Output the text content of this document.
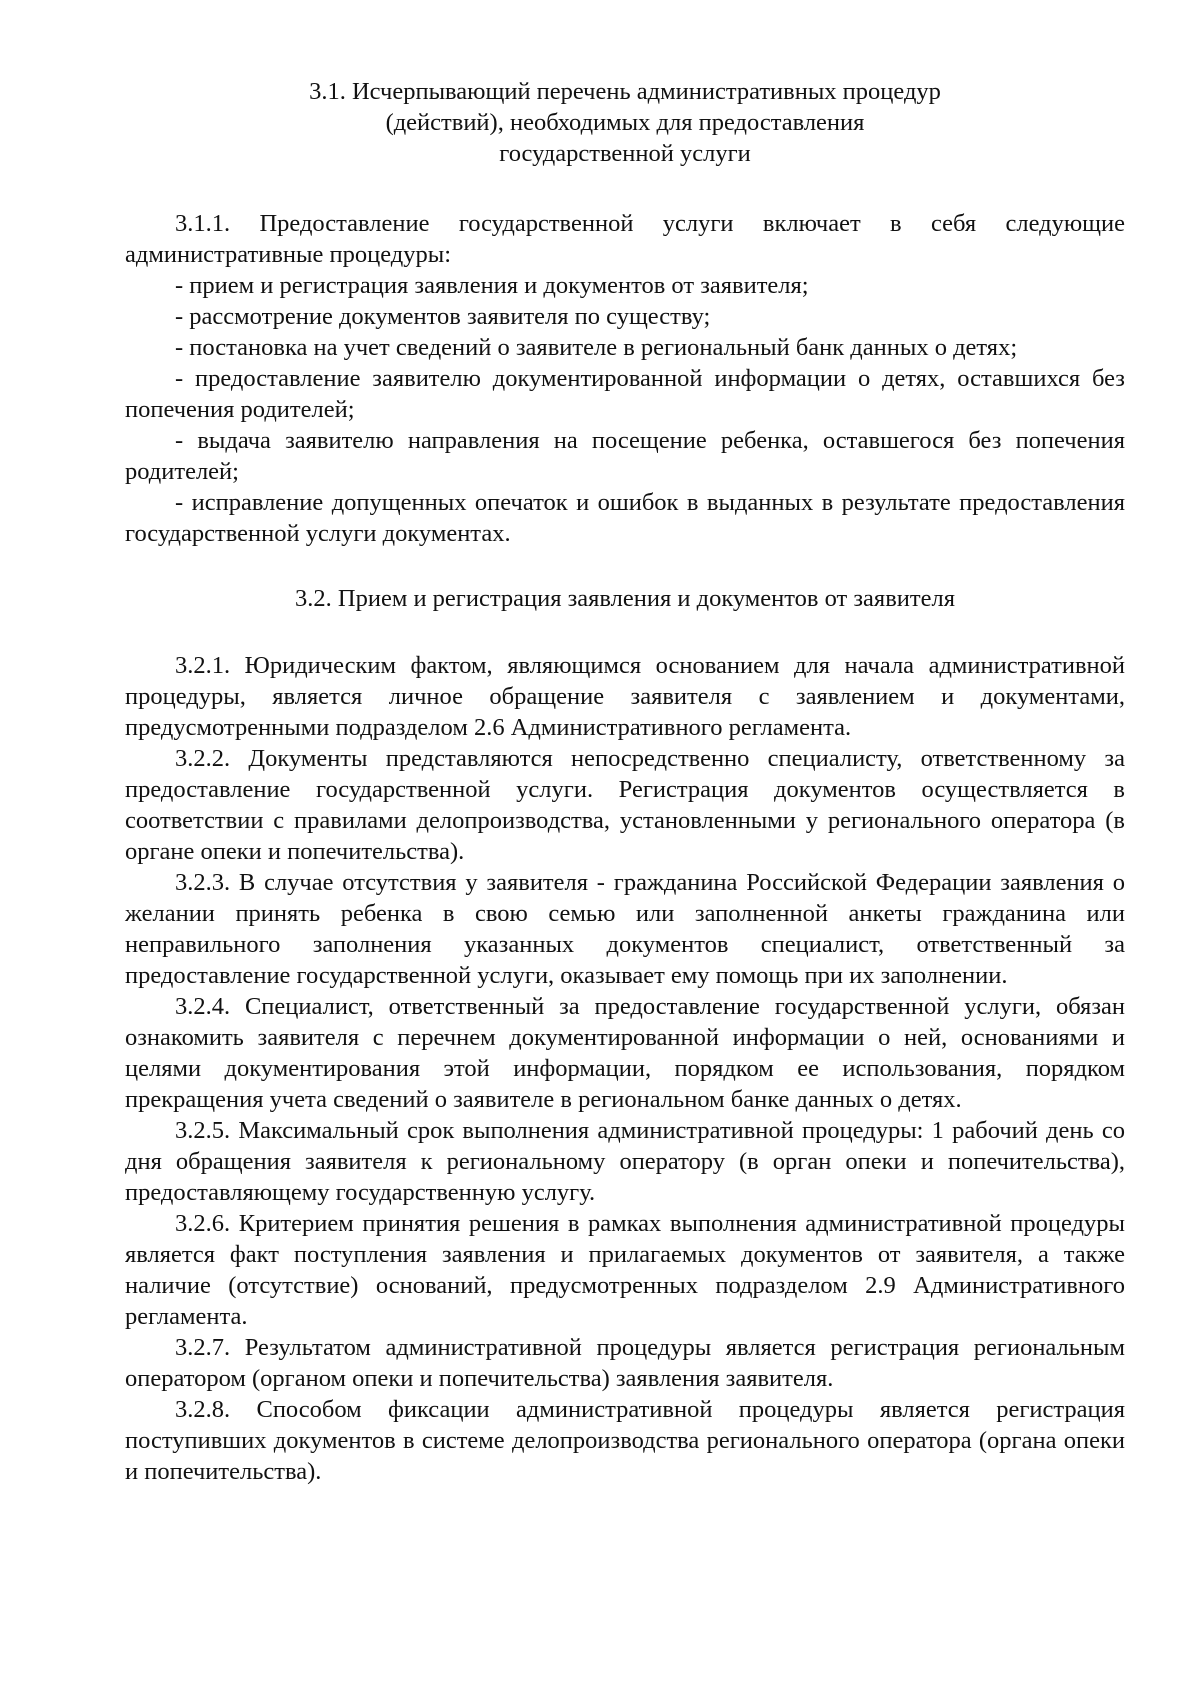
3.1. Исчерпывающий перечень административных процедур
(действий), необходимых для предоставления
государственной услуги

3.1.1. Предоставление государственной услуги включает в себя следующие административные процедуры:

- прием и регистрация заявления и документов от заявителя;

- рассмотрение документов заявителя по существу;

- постановка на учет сведений о заявителе в региональный банк данных о детях;

- предоставление заявителю документированной информации о детях, оставшихся без попечения родителей;

- выдача заявителю направления на посещение ребенка, оставшегося без попечения родителей;

- исправление допущенных опечаток и ошибок в выданных в результате предоставления государственной услуги документах.

3.2. Прием и регистрация заявления и документов от заявителя

3.2.1. Юридическим фактом, являющимся основанием для начала административной процедуры, является личное обращение заявителя с заявлением и документами, предусмотренными подразделом 2.6 Административного регламента.

3.2.2. Документы представляются непосредственно специалисту, ответственному за предоставление государственной услуги. Регистрация документов осуществляется в соответствии с правилами делопроизводства, установленными у регионального оператора (в органе опеки и попечительства).

3.2.3. В случае отсутствия у заявителя - гражданина Российской Федерации заявления о желании принять ребенка в свою семью или заполненной анкеты гражданина или неправильного заполнения указанных документов специалист, ответственный за предоставление государственной услуги, оказывает ему помощь при их заполнении.

3.2.4. Специалист, ответственный за предоставление государственной услуги, обязан ознакомить заявителя с перечнем документированной информации о ней, основаниями и целями документирования этой информации, порядком ее использования, порядком прекращения учета сведений о заявителе в региональном банке данных о детях.

3.2.5. Максимальный срок выполнения административной процедуры: 1 рабочий день со дня обращения заявителя к региональному оператору (в орган опеки и попечительства), предоставляющему государственную услугу.

3.2.6. Критерием принятия решения в рамках выполнения административной процедуры является факт поступления заявления и прилагаемых документов от заявителя, а также наличие (отсутствие) оснований, предусмотренных подразделом 2.9 Административного регламента.

3.2.7. Результатом административной процедуры является регистрация региональным оператором (органом опеки и попечительства) заявления заявителя.

3.2.8. Способом фиксации административной процедуры является регистрация поступивших документов в системе делопроизводства регионального оператора (органа опеки и попечительства).
